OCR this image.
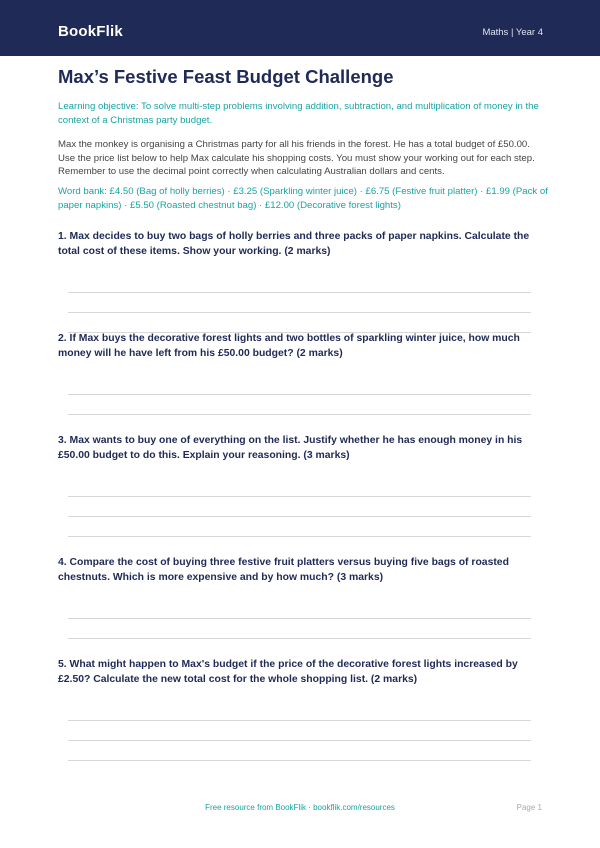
BookFlik	Maths | Year 4
Max’s Festive Feast Budget Challenge
Learning objective: To solve multi-step problems involving addition, subtraction, and multiplication of money in the context of a Christmas party budget.
Max the monkey is organising a Christmas party for all his friends in the forest. He has a total budget of £50.00. Use the price list below to help Max calculate his shopping costs. You must show your working out for each step. Remember to use the decimal point correctly when calculating Australian dollars and cents.
Word bank: £4.50 (Bag of holly berries) · £3.25 (Sparkling winter juice) · £6.75 (Festive fruit platter) · £1.99 (Pack of paper napkins) · £5.50 (Roasted chestnut bag) · £12.00 (Decorative forest lights)
1. Max decides to buy two bags of holly berries and three packs of paper napkins. Calculate the total cost of these items. Show your working. (2 marks)
2. If Max buys the decorative forest lights and two bottles of sparkling winter juice, how much money will he have left from his £50.00 budget? (2 marks)
3. Max wants to buy one of everything on the list. Justify whether he has enough money in his £50.00 budget to do this. Explain your reasoning. (3 marks)
4. Compare the cost of buying three festive fruit platters versus buying five bags of roasted chestnuts. Which is more expensive and by how much? (3 marks)
5. What might happen to Max's budget if the price of the decorative forest lights increased by £2.50? Calculate the new total cost for the whole shopping list. (2 marks)
Free resource from BookFlik · bookflik.com/resources	Page 1
